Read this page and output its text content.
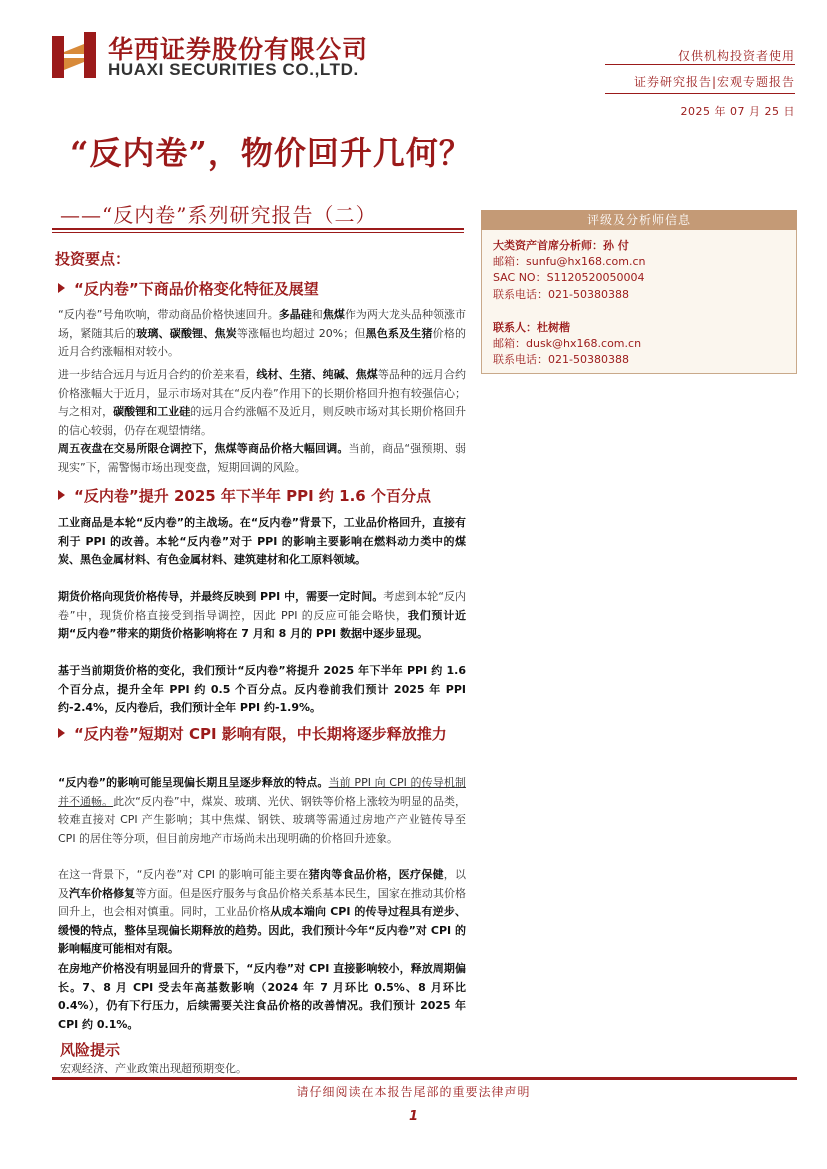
华西证券股份有限公司
HUAXI SECURITIES CO.,LTD.
仅供机构投资者使用
证券研究报告|宏观专题报告
2025 年 07 月 25 日
“反内卷”，物价回升几何？
——“反内卷”系列研究报告（二）	评级及分析师信息
大类资产首席分析师：孙 付
邮箱：sunfu@hx168.com.cn
SAC NO：S1120520050004
联系电话：021-50380388
联系人：杜树楷
邮箱：dusk@hx168.com.cn
联系电话：021-50380388
投资要点：
“反内卷”下商品价格变化特征及展望
“反内卷”号角吹响，带动商品价格快速回升。多晶硅和焦煤作为两大龙头品种领涨市场，紧随其后的玻璃、碳酸锂、焦炭等涨幅也均超过 20%；但黑色系及生猪价格的近月合约涨幅相对较小。
进一步结合远月与近月合约的价差来看，线材、生猪、纯碱、焦煤等品种的远月合约价格涨幅大于近月，显示市场对其在“反内卷”作用下的长期价格回升抱有较强信心；与之相对，碳酸锂和工业硅的远月合约涨幅不及近月，则反映市场对其长期价格回升的信心较弱，仍存在观望情绪。
周五夜盘在交易所限仓调控下，焦煤等商品价格大幅回调。当前，商品“强预期、弱现实”下，需警惕市场出现变盘，短期回调的风险。
“反内卷”提升 2025 年下半年 PPI 约 1.6 个百分点
工业商品是本轮“反内卷”的主战场。在“反内卷”背景下，工业品价格回升，直接有利于 PPI 的改善。本轮“反内卷”对于 PPI 的影响主要影响在燃料动力类中的煤炭、黑色金属材料、有色金属材料、建筑建材和化工原料领域。
期货价格向现货价格传导，并最终反映到 PPI 中，需要一定时间。考虑到本轮“反内卷”中，现货价格直接受到指导调控，因此 PPI 的反应可能会略快，我们预计近期“反内卷”带来的期货价格影响将在 7 月和 8 月的 PPI 数据中逐步显现。
基于当前期货价格的变化，我们预计“反内卷”将提升 2025 年下半年 PPI 约 1.6 个百分点，提升全年 PPI 约 0.5 个百分点。反内卷前我们预计 2025 年 PPI 约-2.4%，反内卷后，我们预计全年 PPI 约-1.9%。
“反内卷”短期对 CPI 影响有限，中长期将逐步释放推力
“反内卷”的影响可能呈现偏长期且呈逐步释放的特点。当前 PPI 向 CPI 的传导机制并不通畅。此次“反内卷”中，煤炭、玻璃、光伏、钢铁等价格上涨较为明显的品类，较难直接对 CPI 产生影响；其中焦煤、钢铁、玻璃等需通过房地产产业链传导至 CPI 的居住等分项，但目前房地产市场尚未出现明确的价格回升迹象。
在这一背景下，“反内卷”对 CPI 的影响可能主要在猪肉等食品价格，医疗保健，以及汽车价格修复等方面。但是医疗服务与食品价格关系基本民生，国家在推动其价格回升上，也会相对慎重。同时，工业品价格从成本端向 CPI 的传导过程具有逆步、缓慢的特点，整体呈现偏长期释放的趋势。因此，我们预计今年“反内卷”对 CPI 的影响幅度可能相对有限。
在房地产价格没有明显回升的背景下，“反内卷”对 CPI 直接影响较小，释放周期偏长。7、8 月 CPI 受去年高基数影响（2024 年 7 月环比 0.5%、8 月环比 0.4%），仍有下行压力，后续需要关注食品价格的改善情况。我们预计 2025 年 CPI 约 0.1%。
风险提示
宏观经济、产业政策出现超预期变化。
请仔细阅读在本报告尾部的重要法律声明
1
